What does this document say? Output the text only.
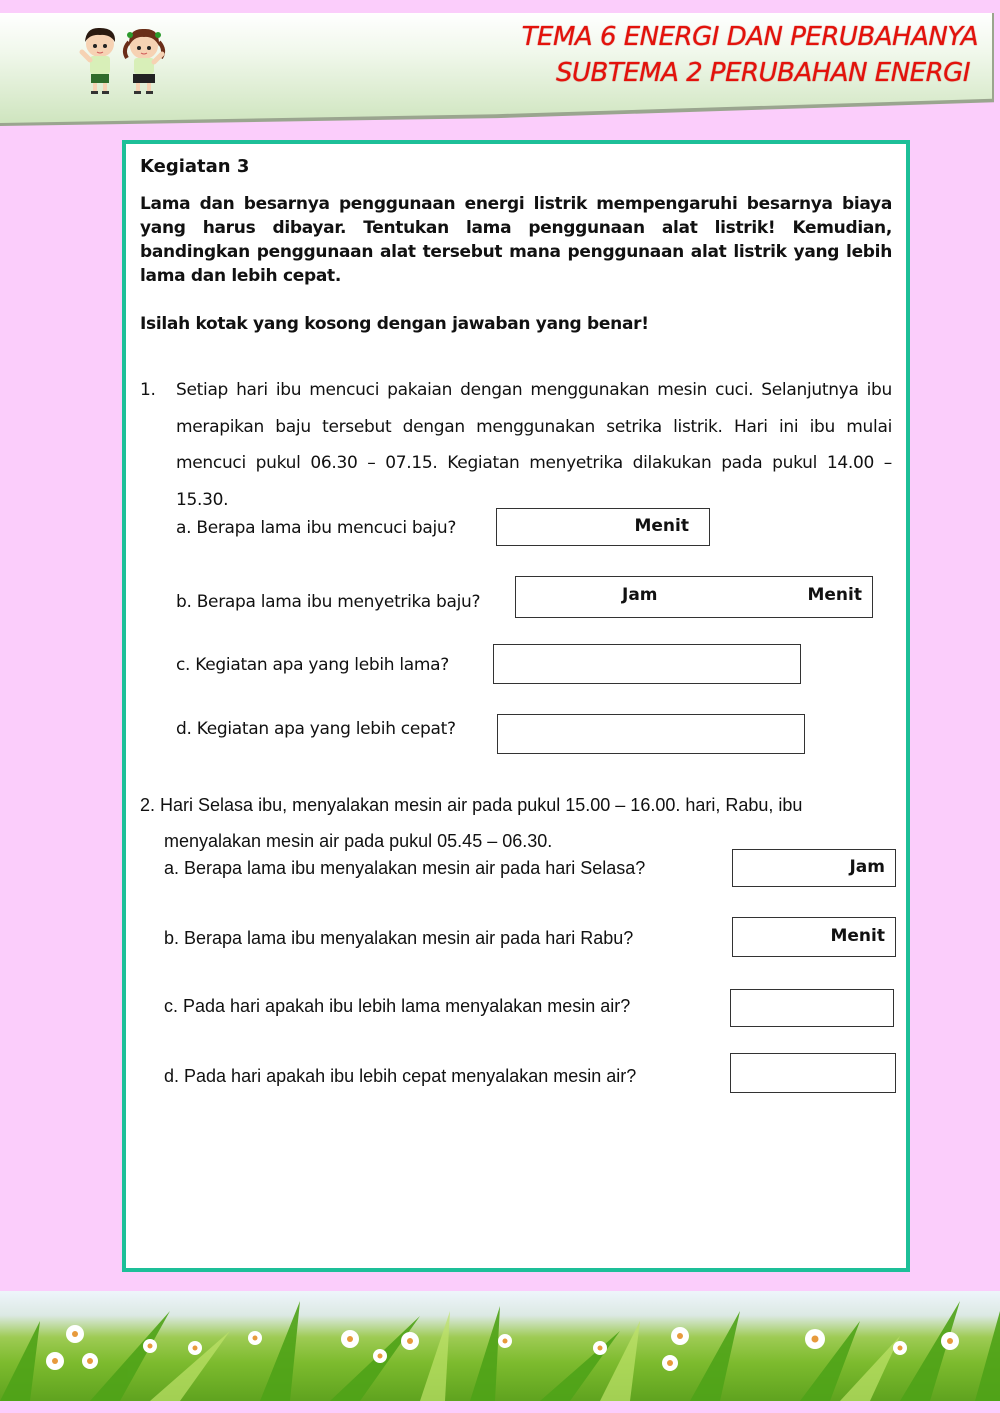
TEMA 6 ENERGI DAN PERUBAHANYA
SUBTEMA 2 PERUBAHAN ENERGI
Kegiatan 3
Lama dan besarnya penggunaan energi listrik mempengaruhi besarnya biaya yang harus dibayar. Tentukan lama penggunaan alat listrik! Kemudian, bandingkan penggunaan alat tersebut mana penggunaan alat listrik yang lebih lama dan lebih cepat.
Isilah kotak yang kosong dengan jawaban yang benar!
1. Setiap hari ibu mencuci pakaian dengan menggunakan mesin cuci. Selanjutnya ibu merapikan baju tersebut dengan menggunakan setrika listrik. Hari ini ibu mulai mencuci pukul 06.30 – 07.15. Kegiatan menyetrika dilakukan pada pukul 14.00 – 15.30.
a. Berapa lama ibu mencuci baju?	Menit
b. Berapa lama ibu menyetrika baju?	Jam	Menit
c. Kegiatan apa yang lebih lama?
d. Kegiatan apa yang lebih cepat?
2. Hari Selasa ibu, menyalakan mesin air pada pukul 15.00 – 16.00. hari, Rabu, ibu
menyalakan mesin air pada pukul 05.45 – 06.30.
a. Berapa lama ibu menyalakan mesin air pada hari Selasa?	Jam
b. Berapa lama ibu menyalakan mesin air pada hari Rabu?	Menit
c. Pada hari apakah ibu lebih lama menyalakan mesin air?
d. Pada hari apakah ibu lebih cepat menyalakan mesin air?
